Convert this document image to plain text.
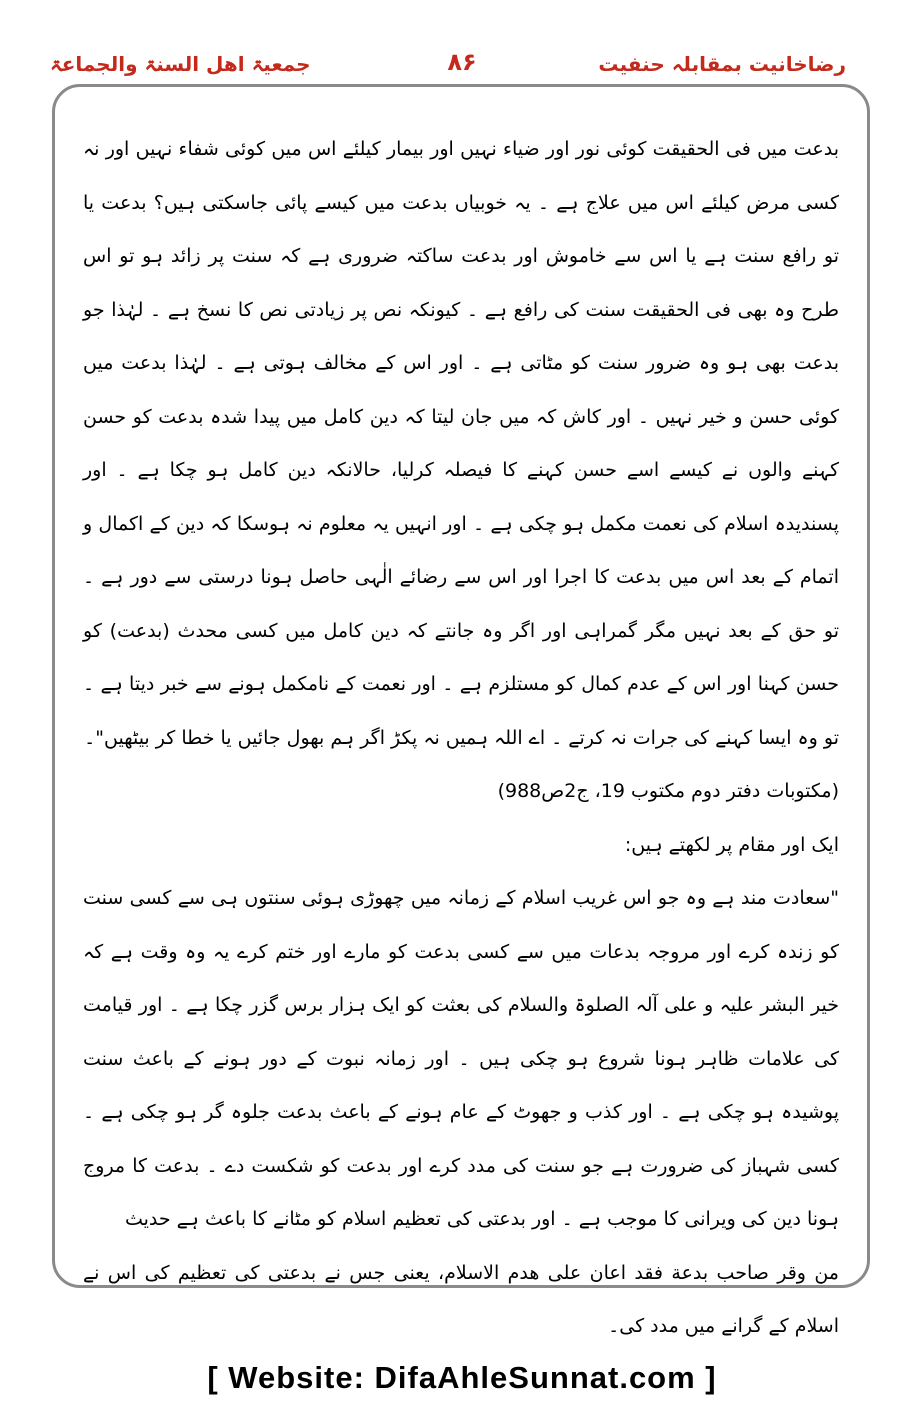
رضاخانیت بمقابلہ حنفیت
۸۶
جمعیۃ اھل السنۃ والجماعۃ

بدعت میں فی الحقیقت کوئی نور اور ضیاء نہیں اور بیمار کیلئے اس میں کوئی شفاء نہیں اور نہ کسی مرض کیلئے اس میں علاج ہے ۔ یہ خوبیاں بدعت میں کیسے پائی جاسکتی ہیں؟ بدعت یا تو رافع سنت ہے یا اس سے خاموش اور بدعت ساکتہ ضروری ہے کہ سنت پر زائد ہو تو اس طرح وہ بھی فی الحقیقت سنت کی رافع ہے ۔ کیونکہ نص پر زیادتی نص کا نسخ ہے ۔ لہٰذا جو بدعت بھی ہو وہ ضرور سنت کو مٹاتی ہے ۔ اور اس کے مخالف ہوتی ہے ۔ لہٰذا بدعت میں کوئی حسن و خیر نہیں ۔ اور کاش کہ میں جان لیتا کہ دین کامل میں پیدا شدہ بدعت کو حسن کہنے والوں نے کیسے اسے حسن کہنے کا فیصلہ کرلیا، حالانکہ دین کامل ہو چکا ہے ۔ اور پسندیدہ اسلام کی نعمت مکمل ہو چکی ہے ۔ اور انہیں یہ معلوم نہ ہوسکا کہ دین کے اکمال و اتمام کے بعد اس میں بدعت کا اجرا اور اس سے رضائے الٰہی حاصل ہونا درستی سے دور ہے ۔ تو حق کے بعد نہیں مگر گمراہی اور اگر وہ جانتے کہ دین کامل میں کسی محدث (بدعت) کو حسن کہنا اور اس کے عدم کمال کو مستلزم ہے ۔ اور نعمت کے نامکمل ہونے سے خبر دیتا ہے ۔ تو وہ ایسا کہنے کی جرات نہ کرتے ۔ اے اللہ ہمیں نہ پکڑ اگر ہم بھول جائیں یا خطا کر بیٹھیں"۔

(مکتوبات دفتر دوم مکتوب 19، ج2ص988)

ایک اور مقام پر لکھتے ہیں:

"سعادت مند ہے وہ جو اس غریب اسلام کے زمانہ میں چھوڑی ہوئی سنتوں ہی سے کسی سنت کو زندہ کرے اور مروجہ بدعات میں سے کسی بدعت کو مارے اور ختم کرے یہ وہ وقت ہے کہ خیر البشر علیہ و علی آلہ الصلوۃ والسلام کی بعثت کو ایک ہزار برس گزر چکا ہے ۔ اور قیامت کی علامات ظاہر ہونا شروع ہو چکی ہیں ۔ اور زمانہ نبوت کے دور ہونے کے باعث سنت پوشیدہ ہو چکی ہے ۔ اور کذب و جھوٹ کے عام ہونے کے باعث بدعت جلوہ گر ہو چکی ہے ۔ کسی شہباز کی ضرورت ہے جو سنت کی مدد کرے اور بدعت کو شکست دے ۔ بدعت کا مروج ہونا دین کی ویرانی کا موجب ہے ۔ اور بدعتی کی تعظیم اسلام کو مٹانے کا باعث ہے حدیث

من وقر صاحب بدعة فقد اعان علی هدم الاسلام، یعنی جس نے بدعتی کی تعظیم کی اس نے اسلام کے گرانے میں مدد کی۔

[ Website: DifaAhleSunnat.com ]
